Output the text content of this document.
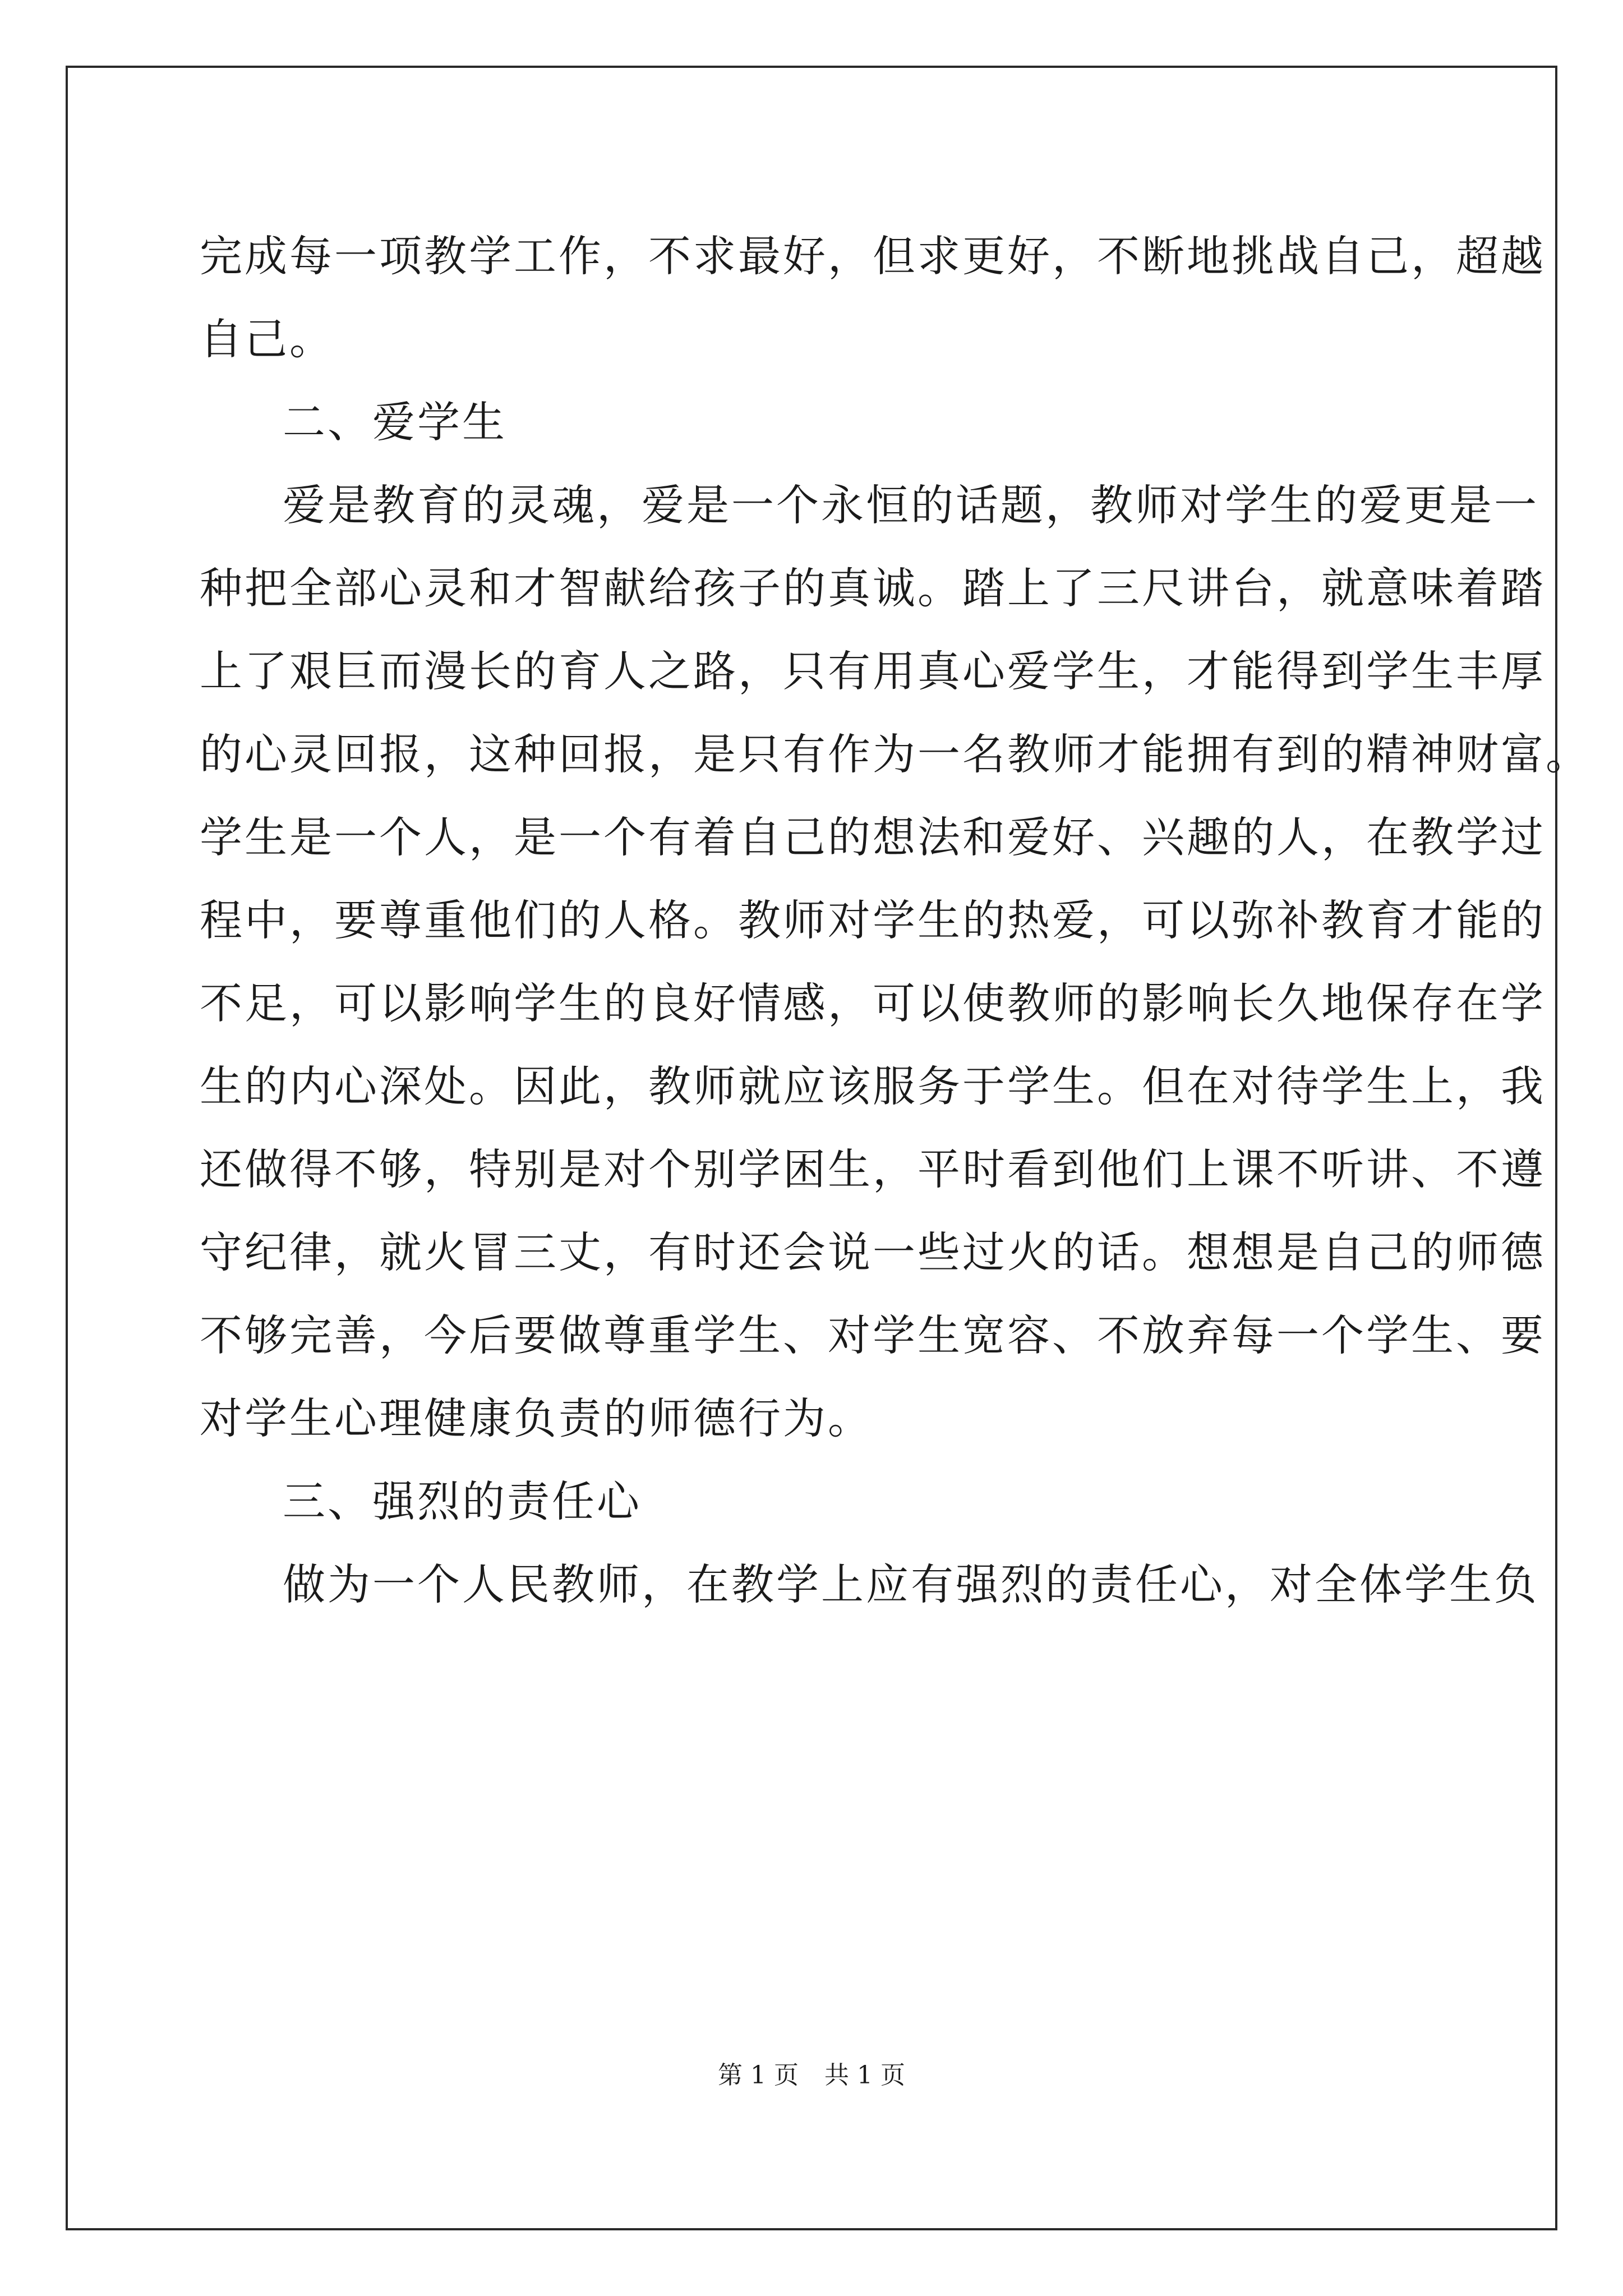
完成每一项教学工作，不求最好，但求更好，不断地挑战自己，超越

自己。

二、爱学生

爱是教育的灵魂，爱是一个永恒的话题，教师对学生的爱更是一

种把全部心灵和才智献给孩子的真诚。踏上了三尺讲台，就意味着踏

上了艰巨而漫长的育人之路，只有用真心爱学生，才能得到学生丰厚

的心灵回报，这种回报，是只有作为一名教师才能拥有到的精神财富。

学生是一个人，是一个有着自己的想法和爱好、兴趣的人，在教学过

程中，要尊重他们的人格。教师对学生的热爱，可以弥补教育才能的

不足，可以影响学生的良好情感，可以使教师的影响长久地保存在学

生的内心深处。因此，教师就应该服务于学生。但在对待学生上，我

还做得不够，特别是对个别学困生，平时看到他们上课不听讲、不遵

守纪律，就火冒三丈，有时还会说一些过火的话。想想是自己的师德

不够完善，今后要做尊重学生、对学生宽容、不放弃每一个学生、要

对学生心理健康负责的师德行为。

三、强烈的责任心

做为一个人民教师，在教学上应有强烈的责任心，对全体学生负

第 1 页 共 1 页
